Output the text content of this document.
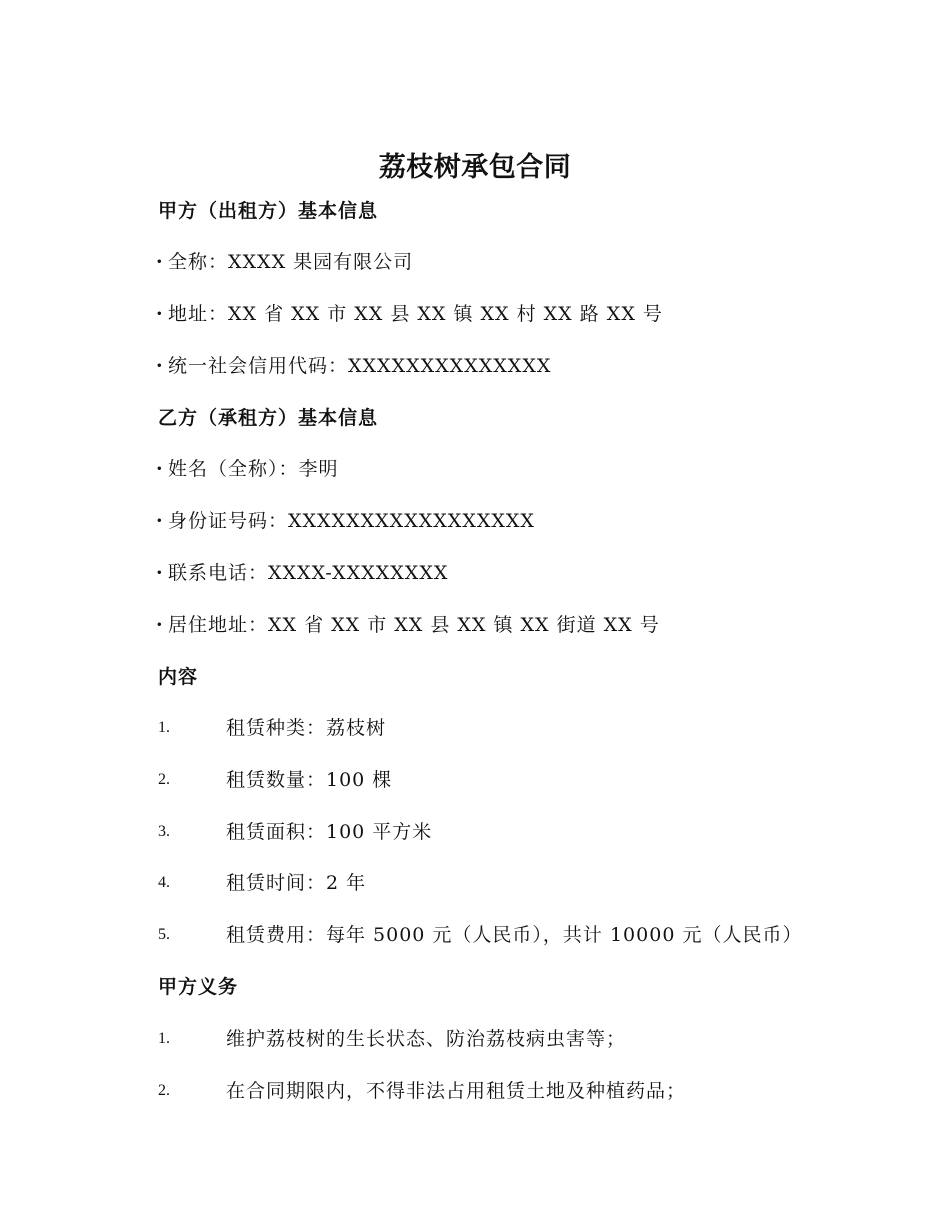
荔枝树承包合同
甲方（出租方）基本信息
· 全称：XXXX 果园有限公司
· 地址：XX 省 XX 市 XX 县 XX 镇 XX 村 XX 路 XX 号
· 统一社会信用代码：XXXXXXXXXXXXXX
乙方（承租方）基本信息
· 姓名（全称）：李明
· 身份证号码：XXXXXXXXXXXXXXXXX
· 联系电话：XXXX-XXXXXXXX
· 居住地址：XX 省 XX 市 XX 县 XX 镇 XX 街道 XX 号
内容
1.	租赁种类：荔枝树
2.	租赁数量：100 棵
3.	租赁面积：100 平方米
4.	租赁时间：2 年
5.	租赁费用：每年 5000 元（人民币），共计 10000 元（人民币）
甲方义务
1.	维护荔枝树的生长状态、防治荔枝病虫害等；
2.	在合同期限内，不得非法占用租赁土地及种植药品；
